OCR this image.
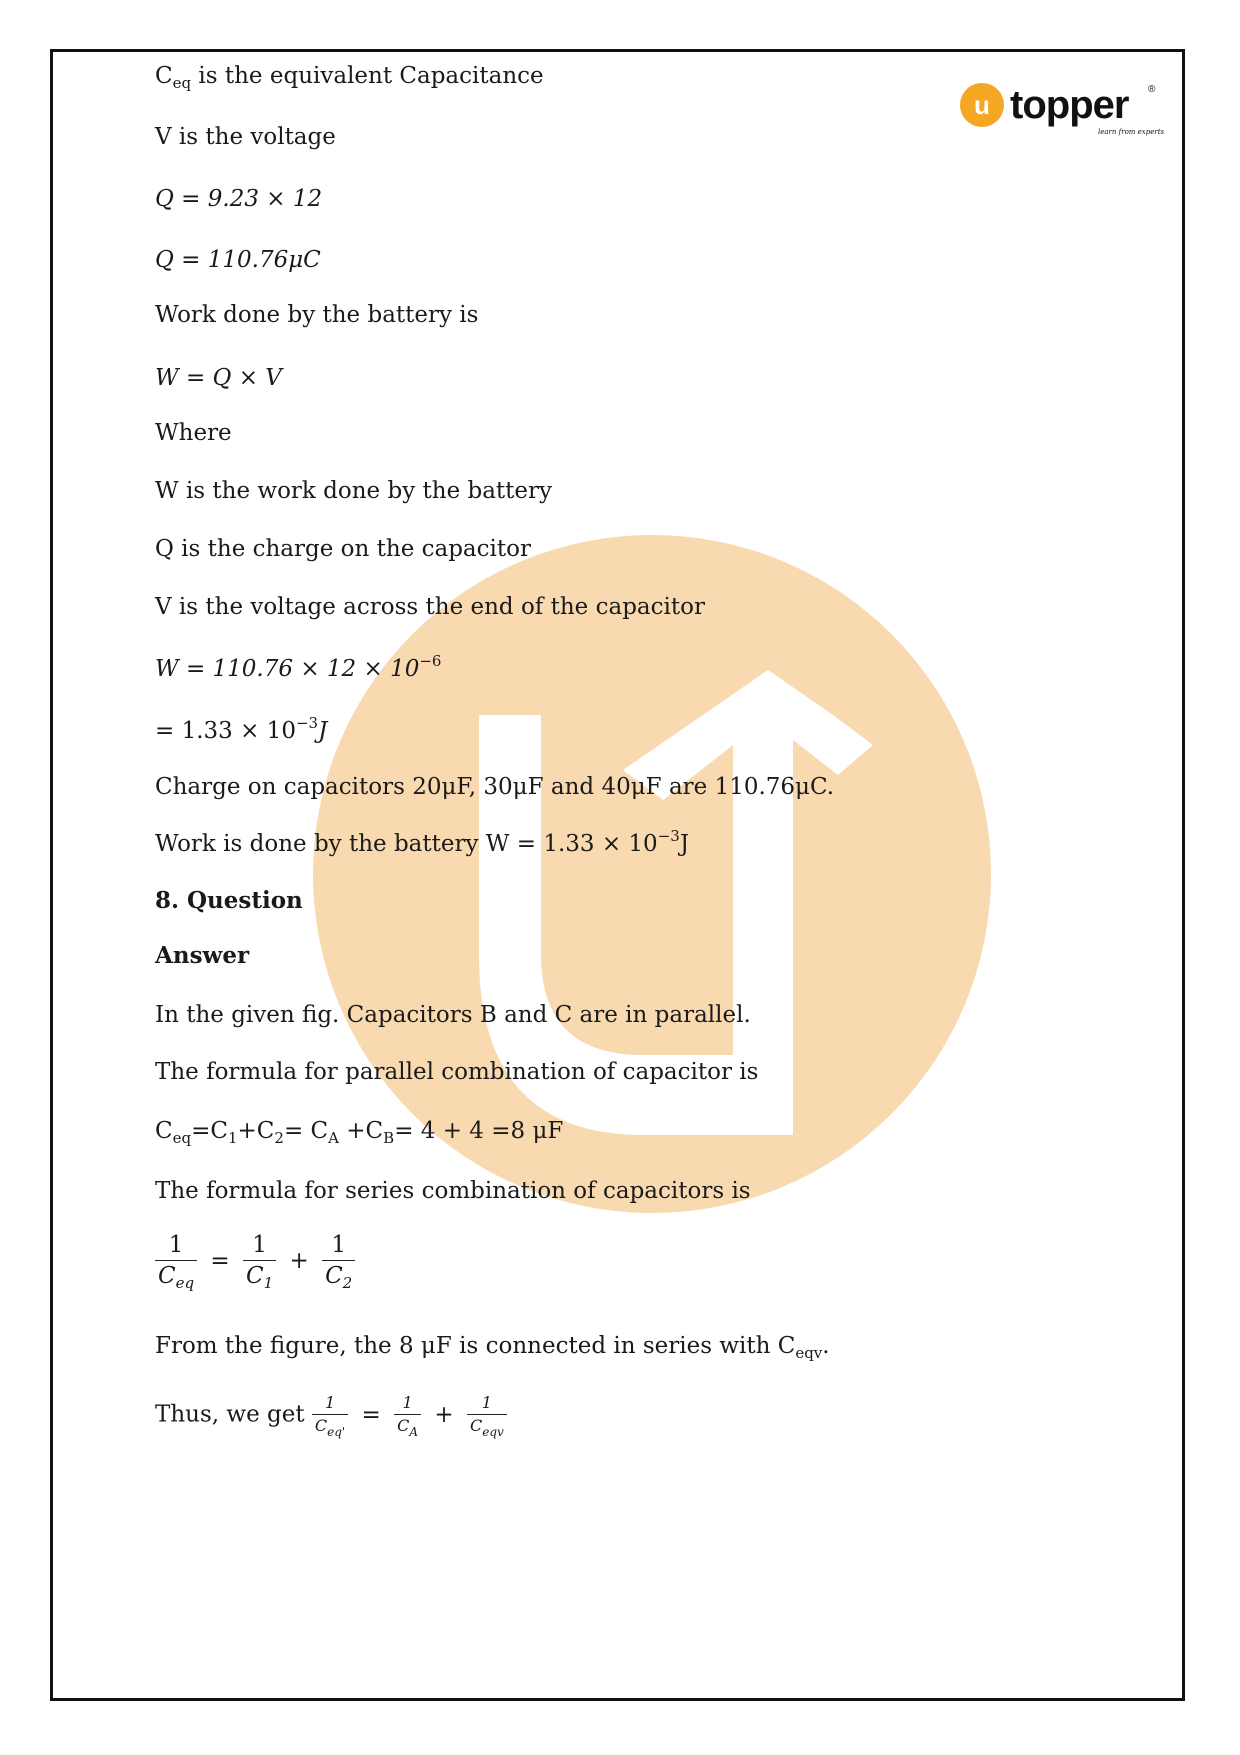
u topper ®
learn from experts
$C_{eq}$ is the equivalent Capacitance
V is the voltage
Q = 9.23 × 12
Q = 110.76μC
Work done by the battery is
W = Q × V
Where
W is the work done by the battery
Q is the charge on the capacitor
V is the voltage across the end of the capacitor
$W = 110.76 \times 12 \times 10^{-6}$
= $1.33 \times 10^{-3}J$
Charge on capacitors 20μF, 30μF and 40μF are 110.76μC.
Work is done by the battery $W = 1.33 \times 10^{-3}J$
8. Question
Answer
In the given fig. Capacitors B and C are in parallel.
The formula for parallel combination of capacitor is
$C_{eq}=C_1+C_2= C_A +C_B= 4 + 4 =8$ μF
The formula for series combination of capacitors is
$\frac{1}{C_{eq}} = \frac{1}{C_1} + \frac{1}{C_2}$
From the figure, the 8 μF is connected in series with $C_{eqv}$.
Thus, we get $\frac{1}{C_{eq'}} = \frac{1}{C_A} + \frac{1}{C_{eqv}}$
